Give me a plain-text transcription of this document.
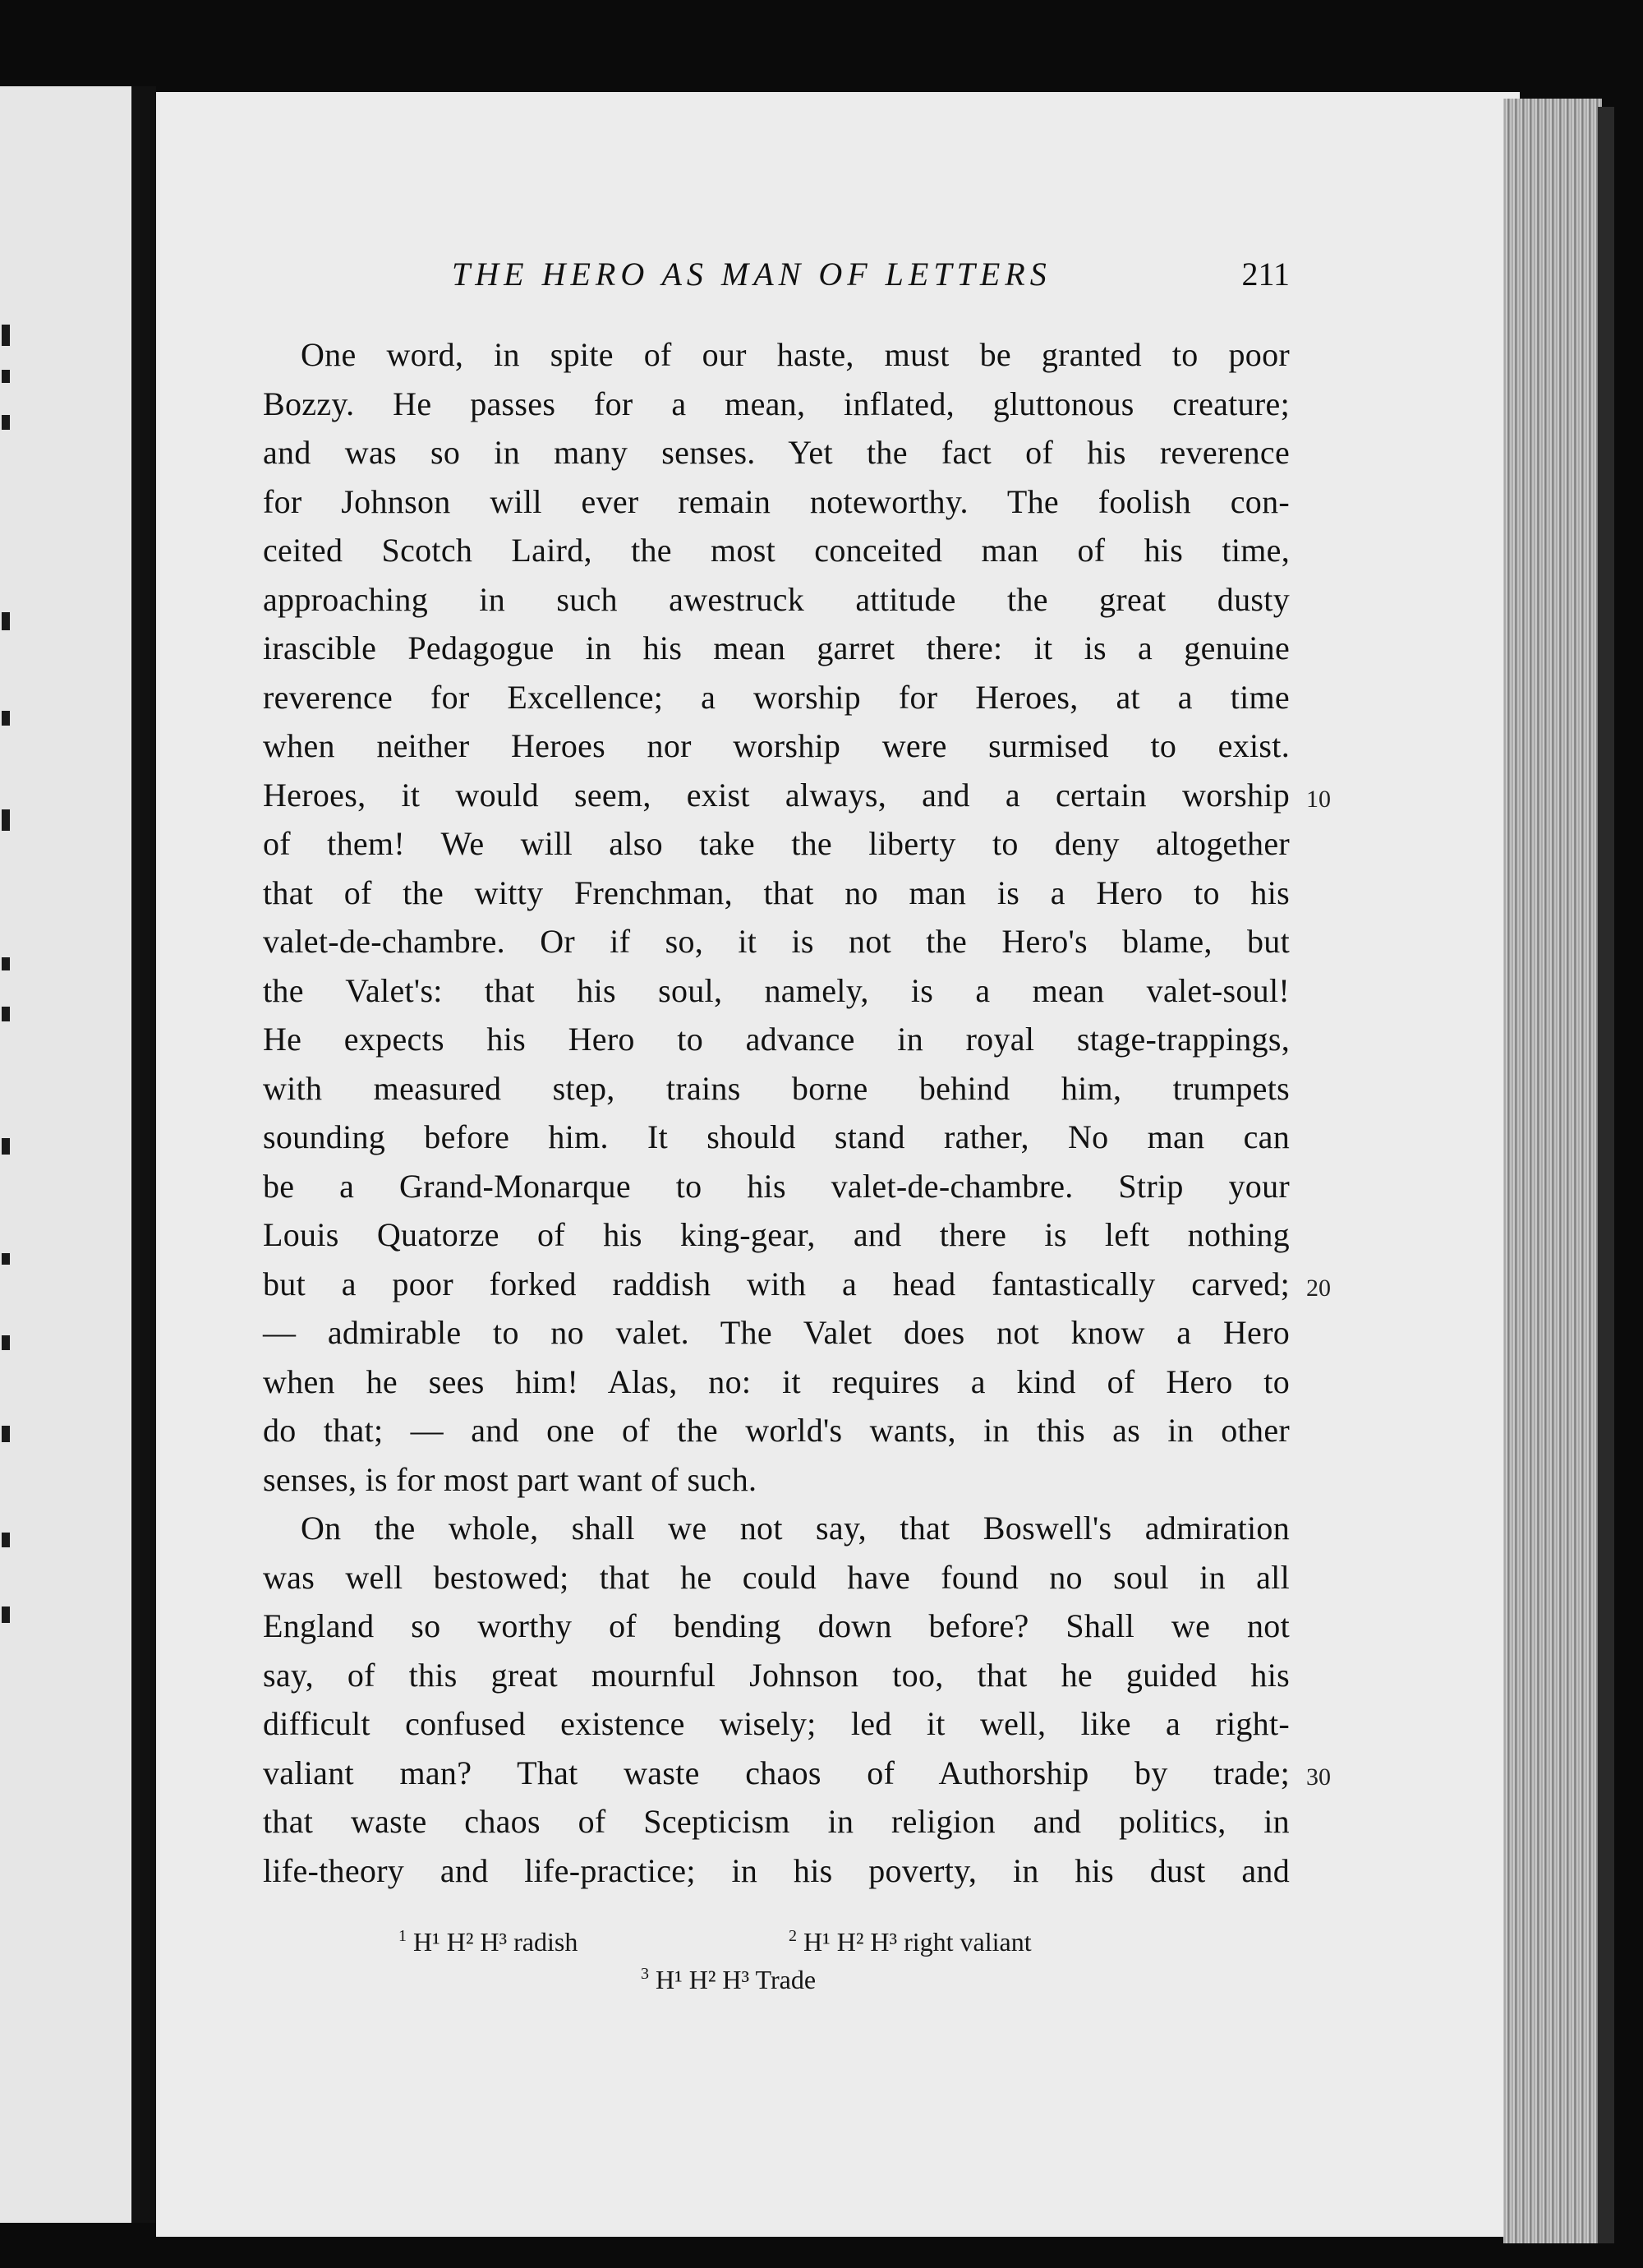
THE HERO AS MAN OF LETTERS	211
One word, in spite of our haste, must be granted to poor
Bozzy. He passes for a mean, inflated, gluttonous creature;
and was so in many senses. Yet the fact of his reverence
for Johnson will ever remain noteworthy. The foolish con-
ceited Scotch Laird, the most conceited man of his time,
approaching in such awestruck attitude the great dusty
irascible Pedagogue in his mean garret there: it is a genuine
reverence for Excellence; a worship for Heroes, at a time
when neither Heroes nor worship were surmised to exist.
Heroes, it would seem, exist always, and a certain worship
of them! We will also take the liberty to deny altogether
that of the witty Frenchman, that no man is a Hero to his
valet-de-chambre. Or if so, it is not the Hero's blame, but
the Valet's: that his soul, namely, is a mean valet-soul!
He expects his Hero to advance in royal stage-trappings,
with measured step, trains borne behind him, trumpets
sounding before him. It should stand rather, No man can
be a Grand-Monarque to his valet-de-chambre. Strip your
Louis Quatorze of his king-gear, and there is left nothing
but a poor forked raddish with a head fantastically carved;
— admirable to no valet. The Valet does not know a Hero
when he sees him! Alas, no: it requires a kind of Hero to
do that; — and one of the world's wants, in this as in other
senses, is for most part want of such.
On the whole, shall we not say, that Boswell's admiration
was well bestowed; that he could have found no soul in all
England so worthy of bending down before? Shall we not
say, of this great mournful Johnson too, that he guided his
difficult confused existence wisely; led it well, like a right-
valiant man? That waste chaos of Authorship by trade;
that waste chaos of Scepticism in religion and politics, in
life-theory and life-practice; in his poverty, in his dust and
10
20
30
$^1$ H¹ H² H³ radish	$^2$ H¹ H² H³ right valiant
$^3$ H¹ H² H³ Trade
